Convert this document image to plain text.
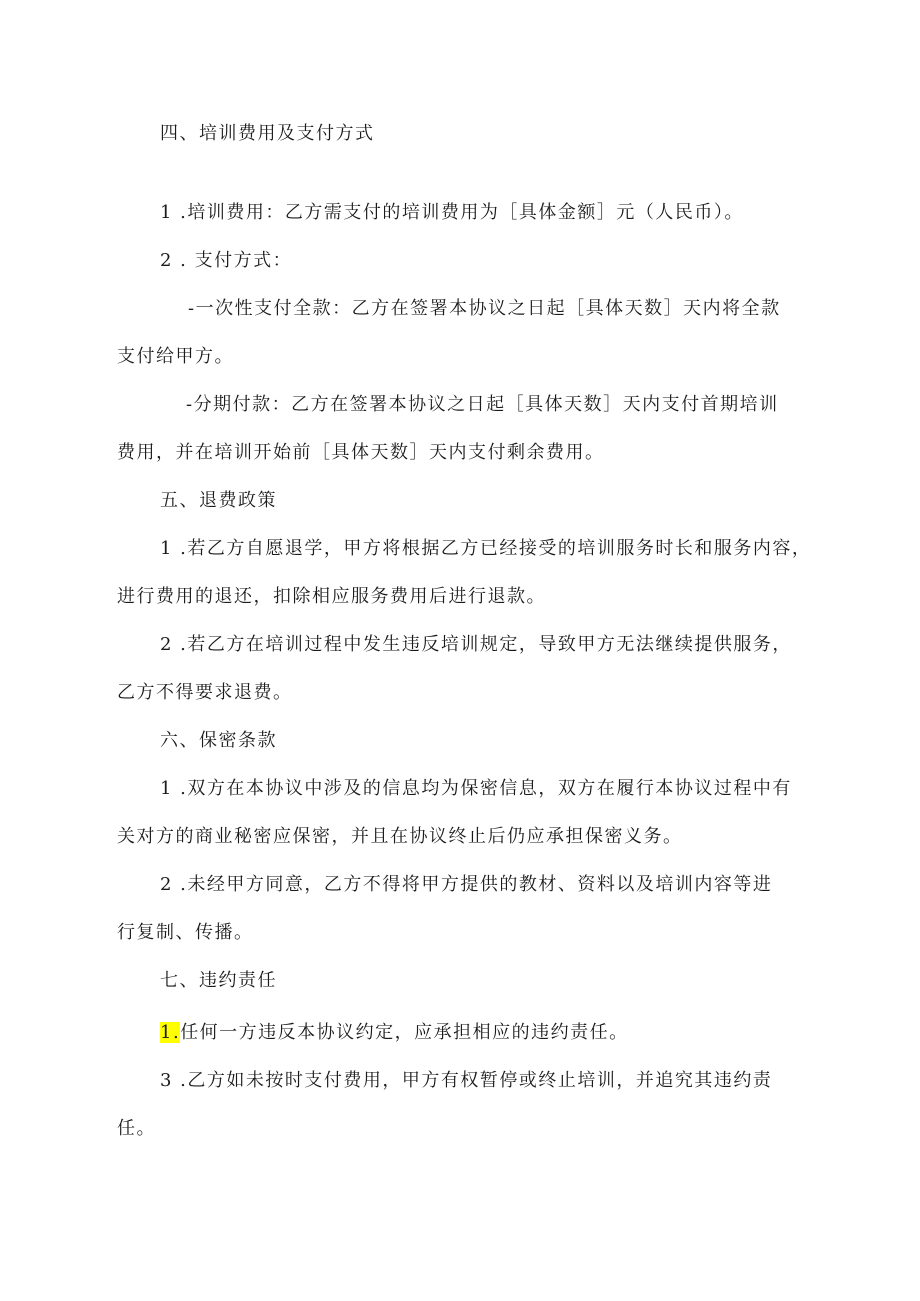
四、培训费用及支付方式
1 .培训费用：乙方需支付的培训费用为［具体金额］元（人民币）。
2 . 支付方式：
-一次性支付全款：乙方在签署本协议之日起［具体天数］天内将全款
支付给甲方。
-分期付款：乙方在签署本协议之日起［具体天数］天内支付首期培训
费用，并在培训开始前［具体天数］天内支付剩余费用。
五、退费政策
1 .若乙方自愿退学，甲方将根据乙方已经接受的培训服务时长和服务内容，
进行费用的退还，扣除相应服务费用后进行退款。
2 .若乙方在培训过程中发生违反培训规定，导致甲方无法继续提供服务，
乙方不得要求退费。
六、保密条款
1 .双方在本协议中涉及的信息均为保密信息，双方在履行本协议过程中有
关对方的商业秘密应保密，并且在协议终止后仍应承担保密义务。
2 .未经甲方同意，乙方不得将甲方提供的教材、资料以及培训内容等进
行复制、传播。
七、违约责任
1.任何一方违反本协议约定，应承担相应的违约责任。
3 .乙方如未按时支付费用，甲方有权暂停或终止培训，并追究其违约责
任。
